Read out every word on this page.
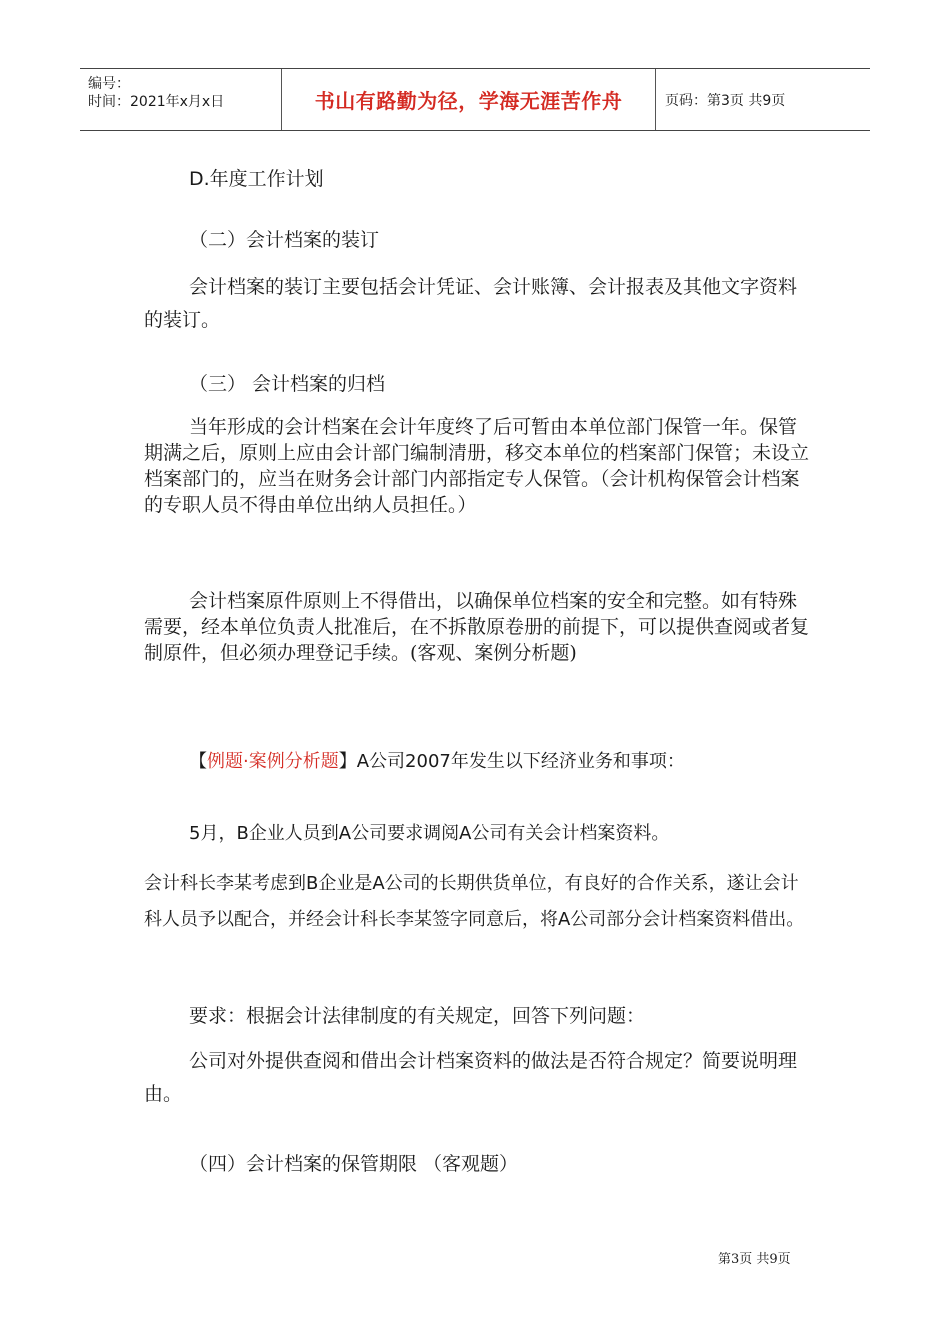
编号：
时间：2021年x月x日	书山有路勤为径，学海无涯苦作舟	页码：第3页 共9页

D.年度工作计划

（二）会计档案的装订

会计档案的装订主要包括会计凭证、会计账簿、会计报表及其他文字资料的装订。

（三） 会计档案的归档

当年形成的会计档案在会计年度终了后可暂由本单位部门保管一年。保管期满之后，原则上应由会计部门编制清册，移交本单位的档案部门保管；未设立档案部门的，应当在财务会计部门内部指定专人保管。（会计机构保管会计档案的专职人员不得由单位出纳人员担任。）

会计档案原件原则上不得借出，以确保单位档案的安全和完整。如有特殊需要，经本单位负责人批准后，在不拆散原卷册的前提下，可以提供查阅或者复制原件，但必须办理登记手续。(客观、案例分析题)

【例题·案例分析题】A公司2007年发生以下经济业务和事项：

5月，B企业人员到A公司要求调阅A公司有关会计档案资料。

会计科长李某考虑到B企业是A公司的长期供货单位，有良好的合作关系，遂让会计科人员予以配合，并经会计科长李某签字同意后，将A公司部分会计档案资料借出。

要求：根据会计法律制度的有关规定，回答下列问题：

公司对外提供查阅和借出会计档案资料的做法是否符合规定？简要说明理由。

（四）会计档案的保管期限 （客观题）

第3页 共9页
